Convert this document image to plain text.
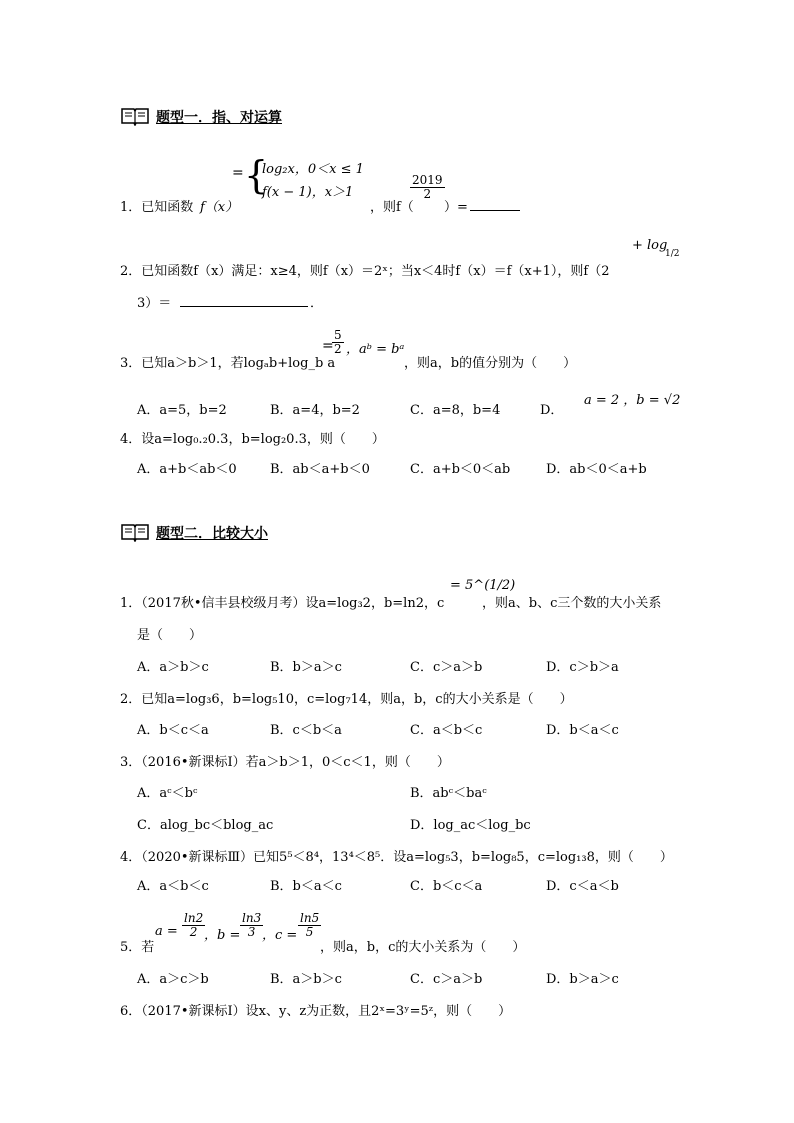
题型一．指、对运算
= {
log₂x，0＜x ≤ 1
f(x − 1)，x＞1
1．已知函数 f（x）	，则f（
$\frac{2019}{2}$
）=
+ log
1/2
2．已知函数f（x）满足：x≥4，则f（x）＝2ˣ；当x＜4时f（x）＝f（x+1），则f（2
3）＝	．
=
$\frac{5}{2}$ ，aᵇ = bᵃ
3．已知a＞b＞1，若logₐb+log_b a	，则a，b的值分别为（　　）
A．a=5，b=2	B．a=4，b=2	C．a=8，b=4	D．
a = 2 ，b = √2
4．设a=log₀.₂0.3，b=log₂0.3，则（　　）
A．a+b＜ab＜0	B．ab＜a+b＜0	C．a+b＜0＜ab	D．ab＜0＜a+b
题型二．比较大小
= 5^(1/2)
1．（2017秋•信丰县校级月考）设a=log₃2，b=ln2，c	，则a、b、c三个数的大小关系
是（　　）
A．a＞b＞c	B．b＞a＞c	C．c＞a＞b	D．c＞b＞a
2．已知a=log₃6，b=log₅10，c=log₇14，则a，b，c的大小关系是（　　）
A．b＜c＜a	B．c＜b＜a	C．a＜b＜c	D．b＜a＜c
3．（2016•新课标Ⅰ）若a＞b＞1，0＜c＜1，则（　　）
A．aᶜ＜bᶜ	B．abᶜ＜baᶜ
C．alog_bc＜blog_ac	D．log_ac＜log_bc
4．（2020•新课标Ⅲ）已知5⁵＜8⁴，13⁴＜8⁵．设a=log₅3，b=log₈5，c=log₁₃8，则（　　）
A．a＜b＜c	B．b＜a＜c	C．b＜c＜a	D．c＜a＜b
5．若
$a = \frac{\ln 2}{2}$
，$b = \frac{\ln 3}{3}$
，$c = \frac{\ln 5}{5}$
，则a，b，c的大小关系为（　　）
A．a＞c＞b	B．a＞b＞c	C．c＞a＞b	D．b＞a＞c
6．（2017•新课标Ⅰ）设x、y、z为正数，且2ˣ=3ʸ=5ᶻ，则（　　）
